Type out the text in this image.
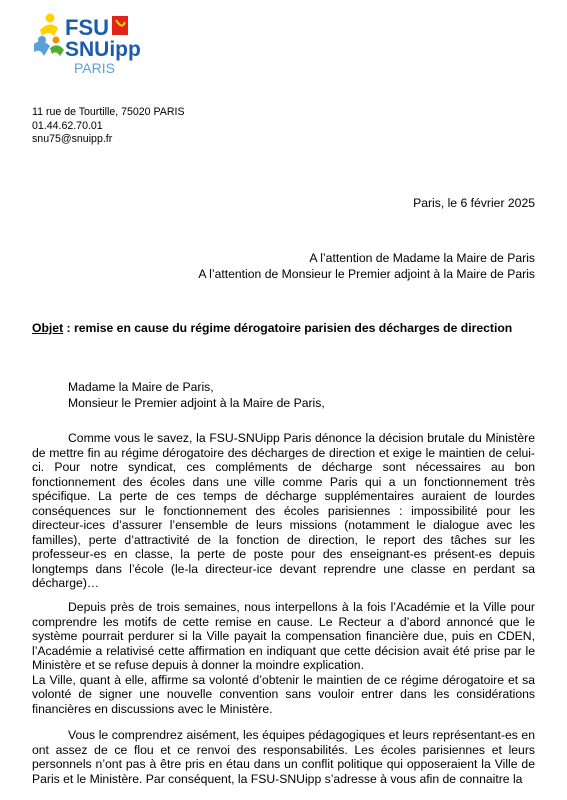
FSU
SNUipp
PARIS
11 rue de Tourtille, 75020 PARIS
01.44.62.70.01
snu75@snuipp.fr
Paris, le 6 février 2025
A l’attention de Madame la Maire de Paris
A l’attention de Monsieur le Premier adjoint à la Maire de Paris
Objet : remise en cause du régime dérogatoire parisien des décharges de direction
Madame la Maire de Paris,
Monsieur le Premier adjoint à la Maire de Paris,

Comme vous le savez, la FSU-SNUipp Paris dénonce la décision brutale du Ministère de mettre fin au régime dérogatoire des décharges de direction et exige le maintien de celui-ci. Pour notre syndicat, ces compléments de décharge sont nécessaires au bon fonctionnement des écoles dans une ville comme Paris qui a un fonctionnement très spécifique. La perte de ces temps de décharge supplémentaires auraient de lourdes conséquences sur le fonctionnement des écoles parisiennes : impossibilité pour les directeur-ices d’assurer l’ensemble de leurs missions (notamment le dialogue avec les familles), perte d’attractivité de la fonction de direction, le report des tâches sur les professeur-es en classe, la perte de poste pour des enseignant-es présent-es depuis longtemps dans l’école (le-la directeur-ice devant reprendre une classe en perdant sa décharge)…

Depuis près de trois semaines, nous interpellons à la fois l’Académie et la Ville pour comprendre les motifs de cette remise en cause. Le Recteur a d’abord annoncé que le système pourrait perdurer si la Ville payait la compensation financière due, puis en CDEN, l’Académie a relativisé cette affirmation en indiquant que cette décision avait été prise par le Ministère et se refuse depuis à donner la moindre explication.

La Ville, quant à elle, affirme sa volonté d’obtenir le maintien de ce régime dérogatoire et sa volonté de signer une nouvelle convention sans vouloir entrer dans les considérations financières en discussions avec le Ministère.

Vous le comprendrez aisément, les équipes pédagogiques et leurs représentant-es en ont assez de ce flou et ce renvoi des responsabilités. Les écoles parisiennes et leurs personnels n’ont pas à être pris en étau dans un conflit politique qui opposeraient la Ville de Paris et le Ministère. Par conséquent, la FSU-SNUipp s’adresse à vous afin de connaitre la
